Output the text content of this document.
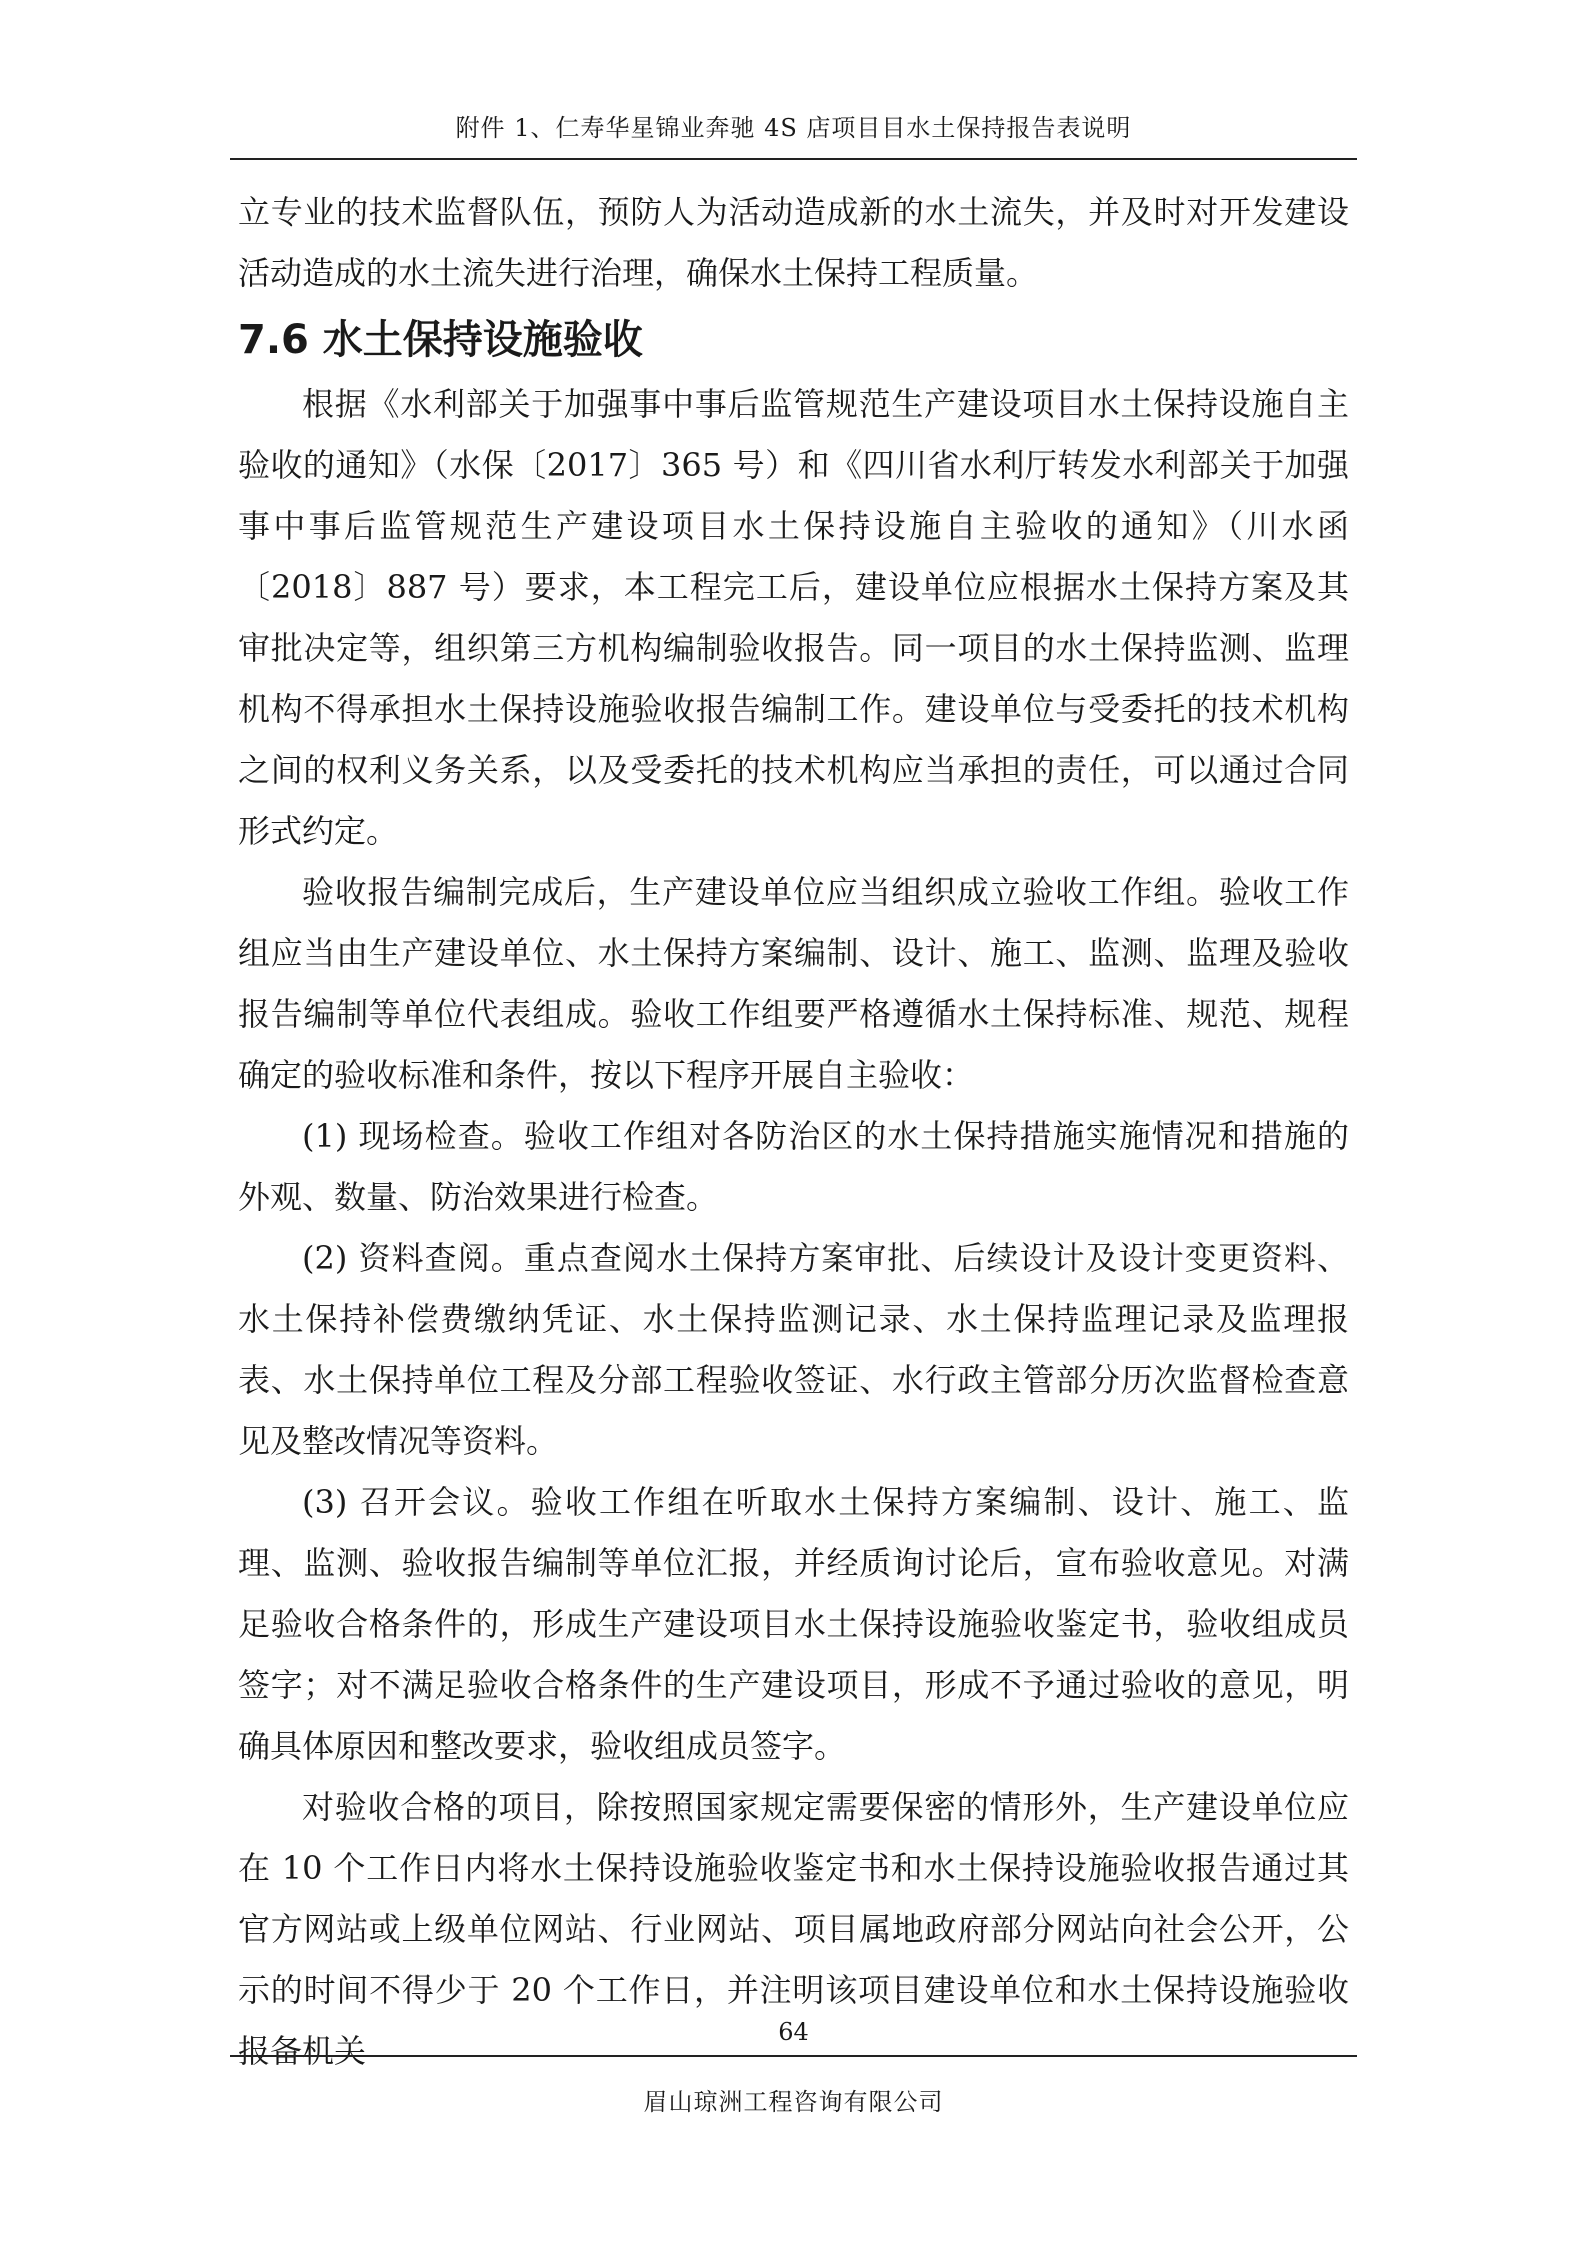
附件 1、仁寿华星锦业奔驰 4S 店项目目水土保持报告表说明

立专业的技术监督队伍，预防人为活动造成新的水土流失，并及时对开发建设活动造成的水土流失进行治理，确保水土保持工程质量。

7.6 水土保持设施验收

根据《水利部关于加强事中事后监管规范生产建设项目水土保持设施自主验收的通知》（水保〔2017〕365 号）和《四川省水利厅转发水利部关于加强事中事后监管规范生产建设项目水土保持设施自主验收的通知》（川水函〔2018〕887 号）要求，本工程完工后，建设单位应根据水土保持方案及其审批决定等，组织第三方机构编制验收报告。同一项目的水土保持监测、监理机构不得承担水土保持设施验收报告编制工作。建设单位与受委托的技术机构之间的权利义务关系，以及受委托的技术机构应当承担的责任，可以通过合同形式约定。

验收报告编制完成后，生产建设单位应当组织成立验收工作组。验收工作组应当由生产建设单位、水土保持方案编制、设计、施工、监测、监理及验收报告编制等单位代表组成。验收工作组要严格遵循水土保持标准、规范、规程确定的验收标准和条件，按以下程序开展自主验收：

(1) 现场检查。验收工作组对各防治区的水土保持措施实施情况和措施的外观、数量、防治效果进行检查。

(2) 资料查阅。重点查阅水土保持方案审批、后续设计及设计变更资料、水土保持补偿费缴纳凭证、水土保持监测记录、水土保持监理记录及监理报表、水土保持单位工程及分部工程验收签证、水行政主管部分历次监督检查意见及整改情况等资料。

(3) 召开会议。验收工作组在听取水土保持方案编制、设计、施工、监理、监测、验收报告编制等单位汇报，并经质询讨论后，宣布验收意见。对满足验收合格条件的，形成生产建设项目水土保持设施验收鉴定书，验收组成员签字；对不满足验收合格条件的生产建设项目，形成不予通过验收的意见，明确具体原因和整改要求，验收组成员签字。

对验收合格的项目，除按照国家规定需要保密的情形外，生产建设单位应在 10 个工作日内将水土保持设施验收鉴定书和水土保持设施验收报告通过其官方网站或上级单位网站、行业网站、项目属地政府部分网站向社会公开，公示的时间不得少于 20 个工作日，并注明该项目建设单位和水土保持设施验收报备机关	64
眉山琼洲工程咨询有限公司
